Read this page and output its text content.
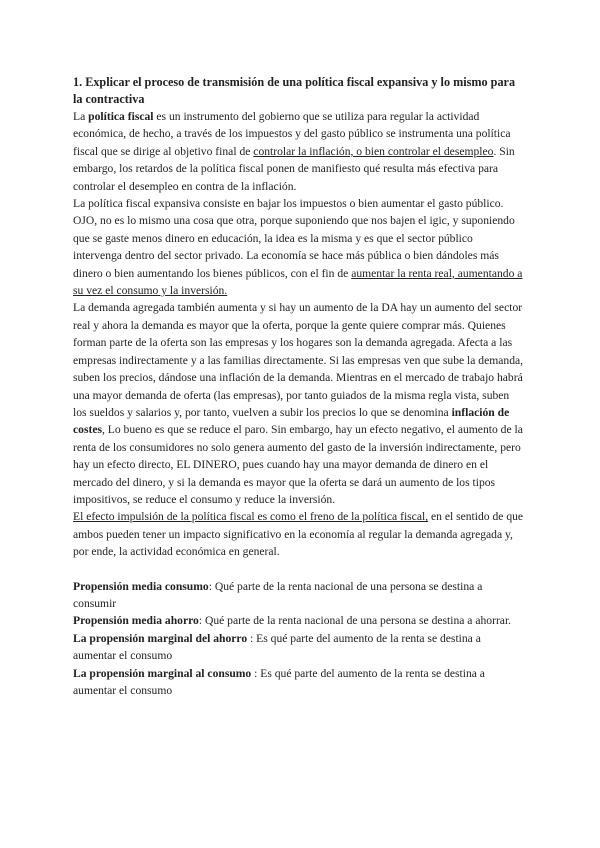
1. Explicar el proceso de transmisión de una política fiscal expansiva y lo mismo para la contractiva

La política fiscal es un instrumento del gobierno que se utiliza para regular la actividad económica, de hecho, a través de los impuestos y del gasto público se instrumenta una política fiscal que se dirige al objetivo final de controlar la inflación, o bien controlar el desempleo. Sin embargo, los retardos de la política fiscal ponen de manifiesto qué resulta más efectiva para controlar el desempleo en contra de la inflación.

La política fiscal expansiva consiste en bajar los impuestos o bien aumentar el gasto público. OJO, no es lo mismo una cosa que otra, porque suponiendo que nos bajen el igic, y suponiendo que se gaste menos dinero en educación, la idea es la misma y es que el sector público intervenga dentro del sector privado. La economía se hace más pública o bien dándoles más dinero o bien aumentando los bienes públicos, con el fin de aumentar la renta real, aumentando a su vez el consumo y la inversión.

La demanda agregada también aumenta y si hay un aumento de la DA hay un aumento del sector real y ahora la demanda es mayor que la oferta, porque la gente quiere comprar más. Quienes forman parte de la oferta son las empresas y los hogares son la demanda agregada. Afecta a las empresas indirectamente y a las familias directamente. Si las empresas ven que sube la demanda, suben los precios, dándose una inflación de la demanda. Mientras en el mercado de trabajo habrá una mayor demanda de oferta (las empresas), por tanto guiados de la misma regla vista, suben los sueldos y salarios y, por tanto, vuelven a subir los precios lo que se denomina inflación de costes, Lo bueno es que se reduce el paro. Sin embargo, hay un efecto negativo, el aumento de la renta de los consumidores no solo genera aumento del gasto de la inversión indirectamente, pero hay un efecto directo, EL DINERO, pues cuando hay una mayor demanda de dinero en el mercado del dinero, y si la demanda es mayor que la oferta se dará un aumento de los tipos impositivos, se reduce el consumo y reduce la inversión.

El efecto impulsión de la política fiscal es como el freno de la política fiscal, en el sentido de que ambos pueden tener un impacto significativo en la economía al regular la demanda agregada y, por ende, la actividad económica en general.

Propensión media consumo: Qué parte de la renta nacional de una persona se destina a consumir

Propensión media ahorro: Qué parte de la renta nacional de una persona se destina a ahorrar.

La propensión marginal del ahorro : Es qué parte del aumento de la renta se destina a aumentar el consumo

La propensión marginal al consumo : Es qué parte del aumento de la renta se destina a aumentar el consumo
